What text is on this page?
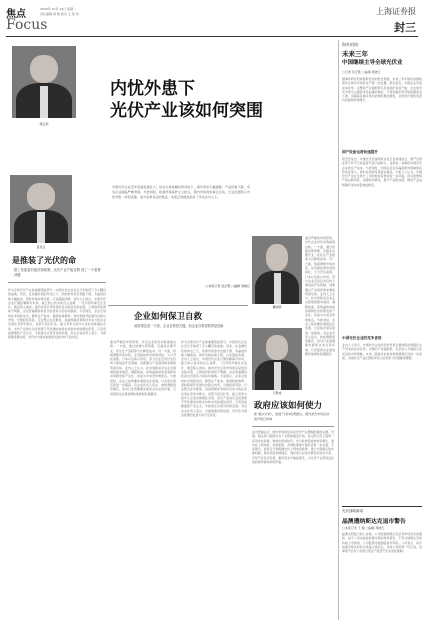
焦点
Focus
2009年 10月 19日 星期一
责任编辑 周 晓 版式 王 思 伟	上海证券报
封三
内忧外患下
光伏产业该如何突围
施正荣
苗连生
瞿晓铧
王斯成
中国光伏企业近年迅速发展壮大，但在全球金融危机冲击下，海外需求大幅萎缩、产品价格下跌，众多企业面临严峻考验。与此同时，欧美贸易保护主义抬头，国内市场尚未真正启动，行业发展陷入内忧外患。如何突围，成为业界关注的焦点。本报记者就此采访了多位业内人士。
□本报记者 吴正懿 □编辑 周晓红
是推装了光伏的命
推了发改委后续扶持政策、光伏产业产能过剩 成了一个重要问题
作为全球光伏产业的重要组成部分，中国光伏企业在近几年取得了令人瞩目的成就。然而，在金融危机的冲击之下，欧洲市场需求急剧下滑，多晶硅价格大幅波动，组件价格持续走低，行业面临洗牌。业内人士指出，中国光伏企业长期依赖海外市场，缺乏核心技术和自主品牌，一旦外部环境发生变化，就会陷入被动。国内光伏应用市场的启动迟迟未能实现，上网电价政策尚不明朗，企业普遍期待政府出台更有力的扶持措施。专家建议，企业应加快技术创新步伐，降低生产成本，提高转换效率；同时积极开拓国内外新兴市场，分散经营风险。行业整合在所难免，具备规模优势和技术实力的企业有望在竞争中胜出，而部分盲目扩张、缺乏竞争力的中小企业将被淘汰出局。光伏产业的长远发展离不开政策的持续支持和市场的理性培育，只有形成健康的产业生态，才能真正实现可持续发展。多位企业负责人表示，当前困难是暂时的，光伏作为清洁能源的发展方向不会改变。
企业如何保卫自救
政府着急是一方面，企业自救是关键，而企业自救需要的是创新
面对严峻的市场形势，光伏企业纷纷采取措施自救。一方面，通过加强内部管理、压缩非必要开支、优化生产流程等方式降低成本；另一方面，积极调整市场布局，在巩固欧洲市场的同时，大力开拓美国、日本以及新兴市场。部分企业还将目光投向下游电站开发领域，试图通过产业链延伸来增加利润空间。业内人士认为，技术创新是企业走出困境的根本途径。薄膜电池、高效晶体硅电池等新技术的研发和产业化，将成为未来竞争的焦点。与此同时，企业之间的兼并重组也在加速，行业集中度有望进一步提高。有企业负责人坦言，此轮调整虽然痛苦，但对行业的健康发展而言未必是坏事，它将促使企业更加理性地规划发展路径。
作为全球光伏产业的重要组成部分，中国光伏企业在近几年取得了令人瞩目的成就。然而，在金融危机的冲击之下，欧洲市场需求急剧下滑，多晶硅价格大幅波动，组件价格持续走低，行业面临洗牌。业内人士指出，中国光伏企业长期依赖海外市场，缺乏核心技术和自主品牌，一旦外部环境发生变化，就会陷入被动。国内光伏应用市场的启动迟迟未能实现，上网电价政策尚不明朗，企业普遍期待政府出台更有力的扶持措施。专家建议，企业应加快技术创新步伐，降低生产成本，提高转换效率；同时积极开拓国内外新兴市场，分散经营风险。行业整合在所难免，具备规模优势和技术实力的企业有望在竞争中胜出，而部分盲目扩张、缺乏竞争力的中小企业将被淘汰出局。光伏产业的长远发展离不开政策的持续支持和市场的理性培育，只有形成健康的产业生态，才能真正实现可持续发展。多位企业负责人表示，当前困难是暂时的，光伏作为清洁能源的发展方向不会改变。
政府应该如何使力
此“振兴计划”，加速了扶持政策推出，国内光伏市场启动的号角已吹响
业内普遍认为，国内市场的启动是光伏产业摆脱困境的关键。近期，相关部门陆续出台了太阳能屋顶计划、金太阳示范工程等一系列扶持政策，释放出积极信号。但与欧洲等成熟市场相比，国内在上网电价、补贴机制、并网标准等方面仍需进一步完善。专家建议，政府应尽快明确光伏上网电价政策，建立长期稳定的补贴机制，简化项目审批程序，同时加大对技术研发的支持力度，引导产业有序发展，避免低水平重复建设，为光伏产业营造良好的政策环境和市场环境。
面对严峻的市场形势，光伏企业纷纷采取措施自救。一方面，通过加强内部管理、压缩非必要开支、优化生产流程等方式降低成本；另一方面，积极调整市场布局，在巩固欧洲市场的同时，大力开拓美国、日本以及新兴市场。部分企业还将目光投向下游电站开发领域，试图通过产业链延伸来增加利润空间。业内人士认为，技术创新是企业走出困境的根本途径。薄膜电池、高效晶体硅电池等新技术的研发和产业化，将成为未来竞争的焦点。与此同时，企业之间的兼并重组也在加速，行业集中度有望进一步提高。有企业负责人坦言，此轮调整虽然痛苦，但对行业的健康发展而言未必是坏事，它将促使企业更加理性地规划发展路径。
海外机构：
未来三年
中国继续主导全球光伏业
□记者 吴正懿 □编辑 周晓红
据海外研究机构最新发布的报告预测，未来三年中国仍将继续保持全球光伏组件生产第一的位置。报告指出，中国企业凭借成本优势、完整的产业链配套以及持续扩张的产能，在全球光伏市场中占据着举足轻重的地位。尽管金融危机导致短期需求下滑，但随着各国可再生能源政策的推进，全球光伏装机容量仍将保持较快增长。
国产设备也将快速提升
报告还指出，中国光伏设备制造企业正在快速成长，国产设备在部分环节已具备替代进口的能力，这将进一步降低中国光伏企业的生产成本。与此同时，中国企业在多晶硅原料领域的投资也在加大，原料自给率有望逐步提高。分析人士认为，中国光伏产业在全球分工中的地位将得到进一步巩固，但也需警惕产能过剩风险，加强技术研发，提升产品附加值，推动产业由规模扩张向质量效益转变。
中国光伏企业的竞争优势
业内人士表示，中国光伏企业的竞争优势主要体现在规模化生产带来的成本优势、完整的产业链配套、充足的人才储备以及灵活的市场策略。未来，随着技术进步和规模效应的进一步显现，中国光伏产品在国际市场上的竞争力有望继续增强。
光伏战略新闻
晶澳遭纳斯达克退市警告
□本报记者 王 璐 □编辑 周晓红
晶澳太阳能日前公告称，公司收到纳斯达克证券市场发出的通知，由于公司未能按时提交相关财务报告，不符合纳斯达克的持续上市规则，公司股票可能面临退市风险。公司表示，将尽快提交相关材料以恢复合规状态，目前公司经营一切正常，该事项不会对公司的日常生产经营产生实质性影响。
